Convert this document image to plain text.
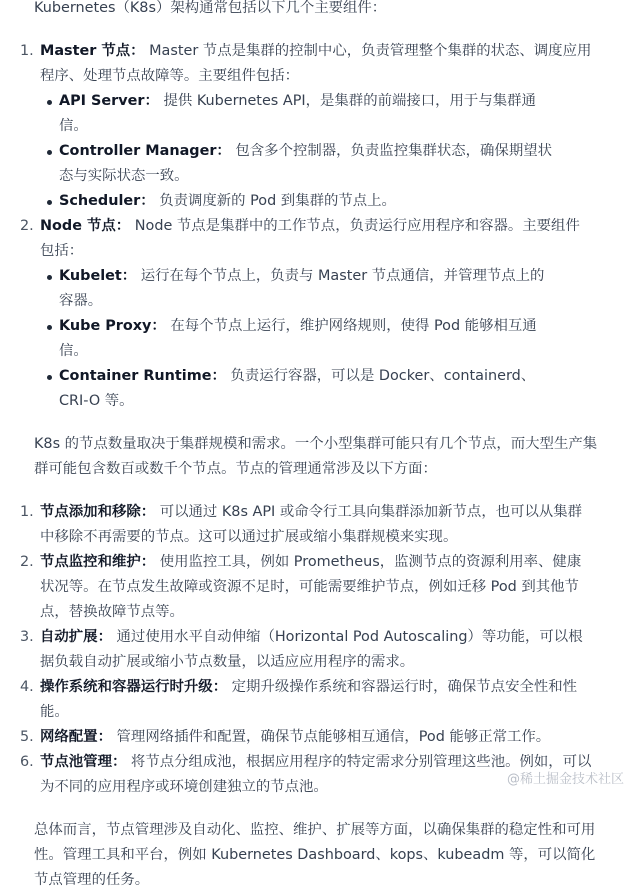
Kubernetes（K8s）架构通常包括以下几个主要组件：

1. Master 节点： Master 节点是集群的控制中心，负责管理整个集群的状态、调度应用程序、处理节点故障等。主要组件包括：
API Server： 提供 Kubernetes API，是集群的前端接口，用于与集群通信。
Controller Manager： 包含多个控制器，负责监控集群状态，确保期望状态与实际状态一致。
Scheduler： 负责调度新的 Pod 到集群的节点上。
2. Node 节点： Node 节点是集群中的工作节点，负责运行应用程序和容器。主要组件包括：
Kubelet： 运行在每个节点上，负责与 Master 节点通信，并管理节点上的容器。
Kube Proxy： 在每个节点上运行，维护网络规则，使得 Pod 能够相互通信。
Container Runtime： 负责运行容器，可以是 Docker、containerd、CRI-O 等。

K8s 的节点数量取决于集群规模和需求。一个小型集群可能只有几个节点，而大型生产集群可能包含数百或数千个节点。节点的管理通常涉及以下方面：

1. 节点添加和移除： 可以通过 K8s API 或命令行工具向集群添加新节点，也可以从集群中移除不再需要的节点。这可以通过扩展或缩小集群规模来实现。
2. 节点监控和维护： 使用监控工具，例如 Prometheus，监测节点的资源利用率、健康状况等。在节点发生故障或资源不足时，可能需要维护节点，例如迁移 Pod 到其他节点，替换故障节点等。
3. 自动扩展： 通过使用水平自动伸缩（Horizontal Pod Autoscaling）等功能，可以根据负载自动扩展或缩小节点数量，以适应应用程序的需求。
4. 操作系统和容器运行时升级： 定期升级操作系统和容器运行时，确保节点安全性和性能。
5. 网络配置： 管理网络插件和配置，确保节点能够相互通信，Pod 能够正常工作。
6. 节点池管理： 将节点分组成池，根据应用程序的特定需求分别管理这些池。例如，可以为不同的应用程序或环境创建独立的节点池。

总体而言，节点管理涉及自动化、监控、维护、扩展等方面，以确保集群的稳定性和可用性。管理工具和平台，例如 Kubernetes Dashboard、kops、kubeadm 等，可以简化节点管理的任务。

@稀土掘金技术社区
